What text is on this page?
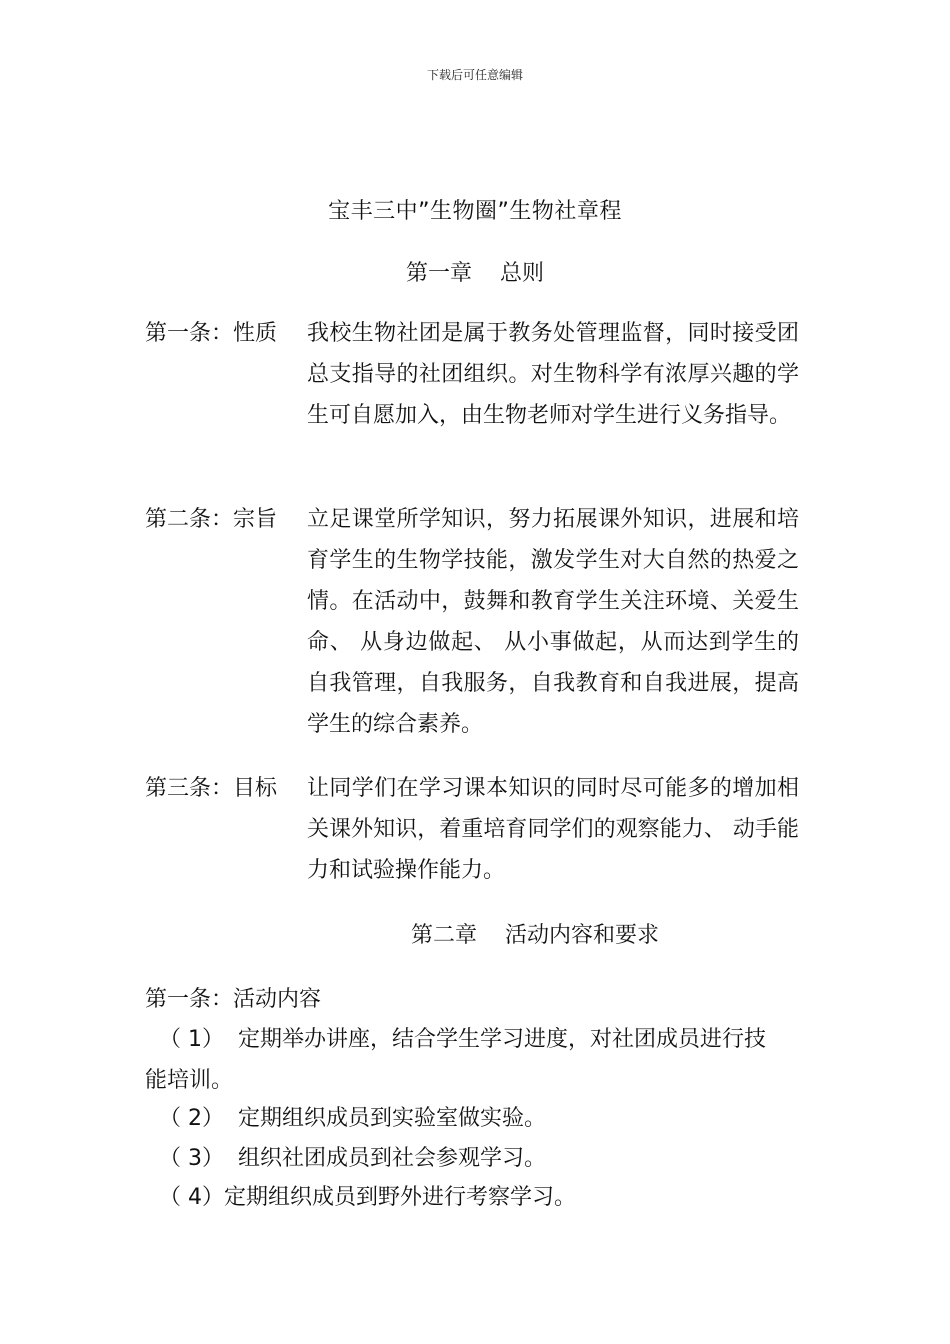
下载后可任意编辑
宝丰三中”生物圈”生物社章程
第一章    总则
第一条：性质 我校生物社团是属于教务处管理监督，同时接受团总支指导的社团组织。对生物科学有浓厚兴趣的学生可自愿加入，由生物老师对学生进行义务指导。
第二条：宗旨 立足课堂所学知识，努力拓展课外知识，进展和培育学生的生物学技能，激发学生对大自然的热爱之情。在活动中，鼓舞和教育学生关注环境、关爱生命、 从身边做起、 从小事做起，从而达到学生的自我管理，自我服务，自我教育和自我进展，提高学生的综合素养。
第三条：目标 让同学们在学习课本知识的同时尽可能多的增加相关课外知识，着重培育同学们的观察能力、 动手能力和试验操作能力。
第二章    活动内容和要求
第一条：活动内容
（ 1）  定期举办讲座，结合学生学习进度，对社团成员进行技
能培训。
（ 2）  定期组织成员到实验室做实验。
（ 3）  组织社团成员到社会参观学习。
（ 4）定期组织成员到野外进行考察学习。
